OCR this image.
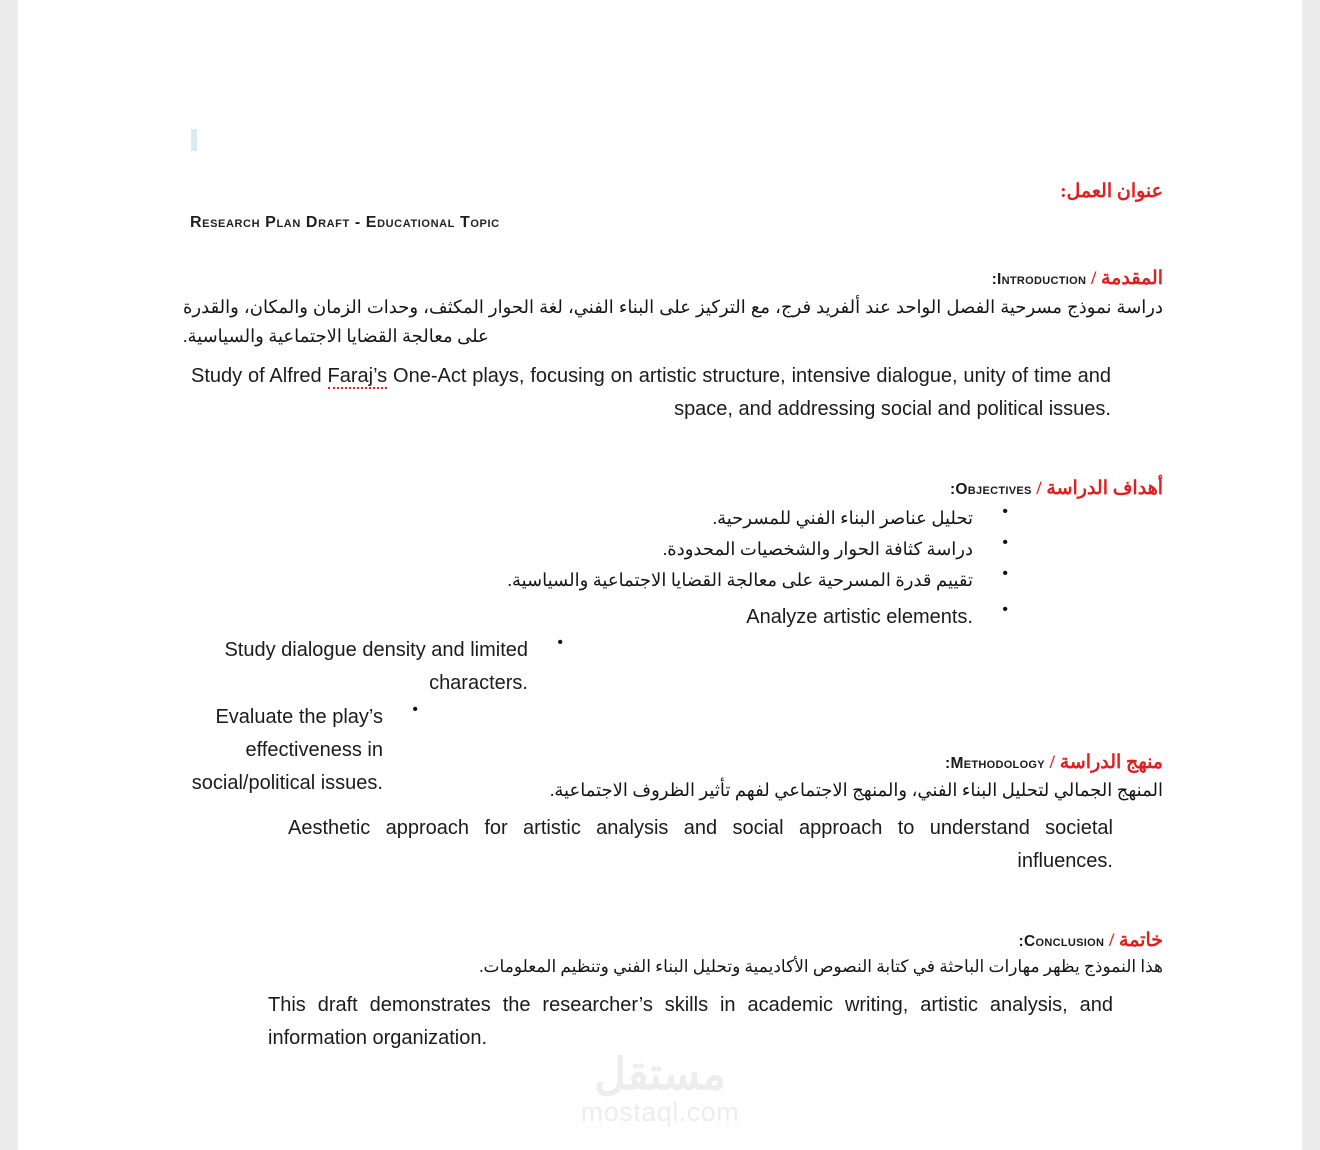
عنوان العمل:
Research Plan Draft - Educational Topic
المقدمة / Introduction:
دراسة نموذج مسرحية الفصل الواحد عند ألفريد فرج، مع التركيز على البناء الفني، لغة الحوار المكثف، وحدات الزمان والمكان، والقدرة على معالجة القضايا الاجتماعية والسياسية.
Study of Alfred Faraj’s One-Act plays, focusing on artistic structure, intensive dialogue, unity of time and space, and addressing social and political issues.
أهداف الدراسة / Objectives:
•
تحليل عناصر البناء الفني للمسرحية.
•
دراسة كثافة الحوار والشخصيات المحدودة.
•
تقييم قدرة المسرحية على معالجة القضايا الاجتماعية والسياسية.
•
Analyze artistic elements.
•
Study dialogue density and limited characters.
•
Evaluate the play’s effectiveness in social/political issues.
منهج الدراسة / Methodology:
المنهج الجمالي لتحليل البناء الفني، والمنهج الاجتماعي لفهم تأثير الظروف الاجتماعية.
Aesthetic approach for artistic analysis and social approach to understand societal influences.
خاتمة / Conclusion:
هذا النموذج يظهر مهارات الباحثة في كتابة النصوص الأكاديمية وتحليل البناء الفني وتنظيم المعلومات.
This draft demonstrates the researcher’s skills in academic writing, artistic analysis, and information organization.
مستقل
mostaql.com
